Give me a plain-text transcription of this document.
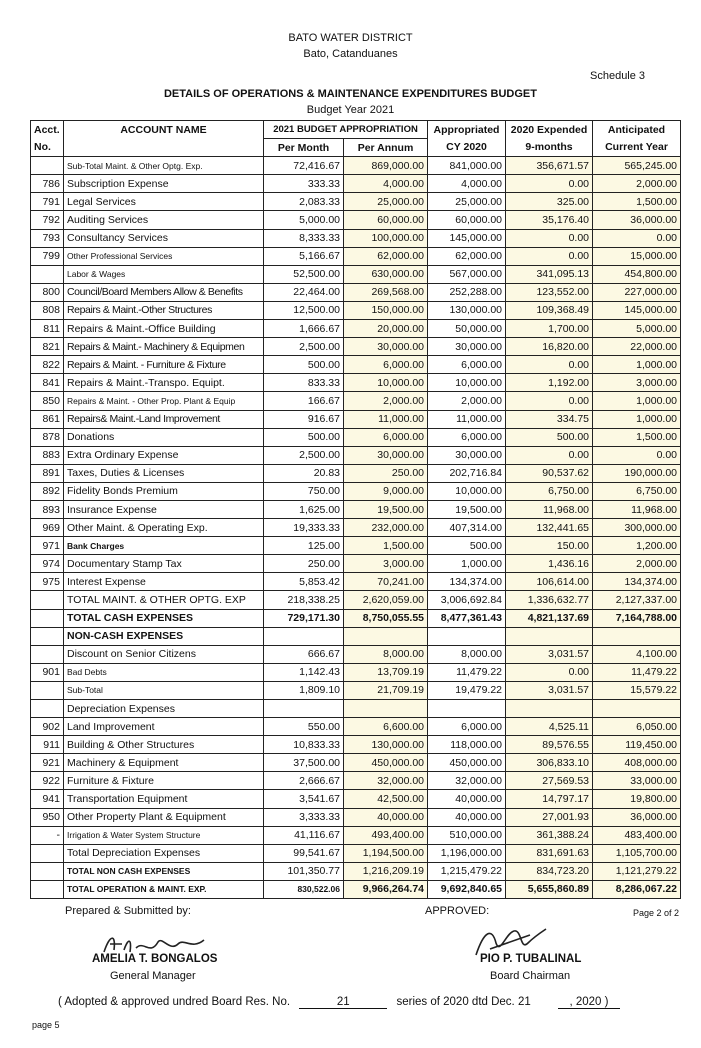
BATO WATER DISTRICT
Bato, Catanduanes
Schedule 3
DETAILS OF OPERATIONS & MAINTENANCE EXPENDITURES BUDGET
Budget Year 2021
Acct.	ACCOUNT NAME	2021 BUDGET APPROPRIATION		Appropriated	2020 Expended	Anticipated
No.		Per Month	Per Annum	CY 2020	9-months	Current Year
	Sub-Total Maint. & Other Optg. Exp.	72,416.67	869,000.00	841,000.00	356,671.57	565,245.00
786	Subscription Expense	333.33	4,000.00	4,000.00	0.00	2,000.00
791	Legal Services	2,083.33	25,000.00	25,000.00	325.00	1,500.00
792	Auditing Services	5,000.00	60,000.00	60,000.00	35,176.40	36,000.00
793	Consultancy Services	8,333.33	100,000.00	145,000.00	0.00	0.00
799	Other Professional Services	5,166.67	62,000.00	62,000.00	0.00	15,000.00
	Labor & Wages	52,500.00	630,000.00	567,000.00	341,095.13	454,800.00
800	Council/Board Members Allow & Benefits	22,464.00	269,568.00	252,288.00	123,552.00	227,000.00
808	Repairs & Maint.-Other Structures	12,500.00	150,000.00	130,000.00	109,368.49	145,000.00
811	Repairs & Maint.-Office Building	1,666.67	20,000.00	50,000.00	1,700.00	5,000.00
821	Repairs & Maint.- Machinery & Equipmen	2,500.00	30,000.00	30,000.00	16,820.00	22,000.00
822	Repairs & Maint. - Furniture & Fixture	500.00	6,000.00	6,000.00	0.00	1,000.00
841	Repairs & Maint.-Transpo. Equipt.	833.33	10,000.00	10,000.00	1,192.00	3,000.00
850	Repairs & Maint. - Other Prop. Plant & Equip	166.67	2,000.00	2,000.00	0.00	1,000.00
861	Repairs& Maint.-Land Improvement	916.67	11,000.00	11,000.00	334.75	1,000.00
878	Donations	500.00	6,000.00	6,000.00	500.00	1,500.00
883	Extra Ordinary Expense	2,500.00	30,000.00	30,000.00	0.00	0.00
891	Taxes, Duties & Licenses	20.83	250.00	202,716.84	90,537.62	190,000.00
892	Fidelity Bonds Premium	750.00	9,000.00	10,000.00	6,750.00	6,750.00
893	Insurance Expense	1,625.00	19,500.00	19,500.00	11,968.00	11,968.00
969	Other Maint. & Operating Exp.	19,333.33	232,000.00	407,314.00	132,441.65	300,000.00
971	Bank Charges	125.00	1,500.00	500.00	150.00	1,200.00
974	Documentary Stamp Tax	250.00	3,000.00	1,000.00	1,436.16	2,000.00
975	Interest Expense	5,853.42	70,241.00	134,374.00	106,614.00	134,374.00
	TOTAL MAINT. & OTHER OPTG. EXP	218,338.25	2,620,059.00	3,006,692.84	1,336,632.77	2,127,337.00
	TOTAL CASH EXPENSES	729,171.30	8,750,055.55	8,477,361.43	4,821,137.69	7,164,788.00
	NON-CASH EXPENSES					
	Discount on Senior Citizens	666.67	8,000.00	8,000.00	3,031.57	4,100.00
901	Bad Debts	1,142.43	13,709.19	11,479.22	0.00	11,479.22
	Sub-Total	1,809.10	21,709.19	19,479.22	3,031.57	15,579.22
	Depreciation Expenses					
902	Land Improvement	550.00	6,600.00	6,000.00	4,525.11	6,050.00
911	Building & Other Structures	10,833.33	130,000.00	118,000.00	89,576.55	119,450.00
921	Machinery & Equipment	37,500.00	450,000.00	450,000.00	306,833.10	408,000.00
922	Furniture & Fixture	2,666.67	32,000.00	32,000.00	27,569.53	33,000.00
941	Transportation Equipment	3,541.67	42,500.00	40,000.00	14,797.17	19,800.00
950	Other Property Plant & Equipment	3,333.33	40,000.00	40,000.00	27,001.93	36,000.00
-	Irrigation & Water System Structure	41,116.67	493,400.00	510,000.00	361,388.24	483,400.00
	Total Depreciation Expenses	99,541.67	1,194,500.00	1,196,000.00	831,691.63	1,105,700.00
	TOTAL NON CASH EXPENSES	101,350.77	1,216,209.19	1,215,479.22	834,723.20	1,121,279.22
	TOTAL OPERATION & MAINT. EXP.	830,522.06	9,966,264.74	9,692,840.65	5,655,860.89	8,286,067.22
Prepared & Submitted by:	APPROVED:	Page 2 of 2
AMELIA T. BONGALOS
General Manager
PIO P. TUBALINAL
Board Chairman
( Adopted & approved undred Board Res. No.	21	series of 2020 dtd Dec. 21	, 2020 )
page 5
